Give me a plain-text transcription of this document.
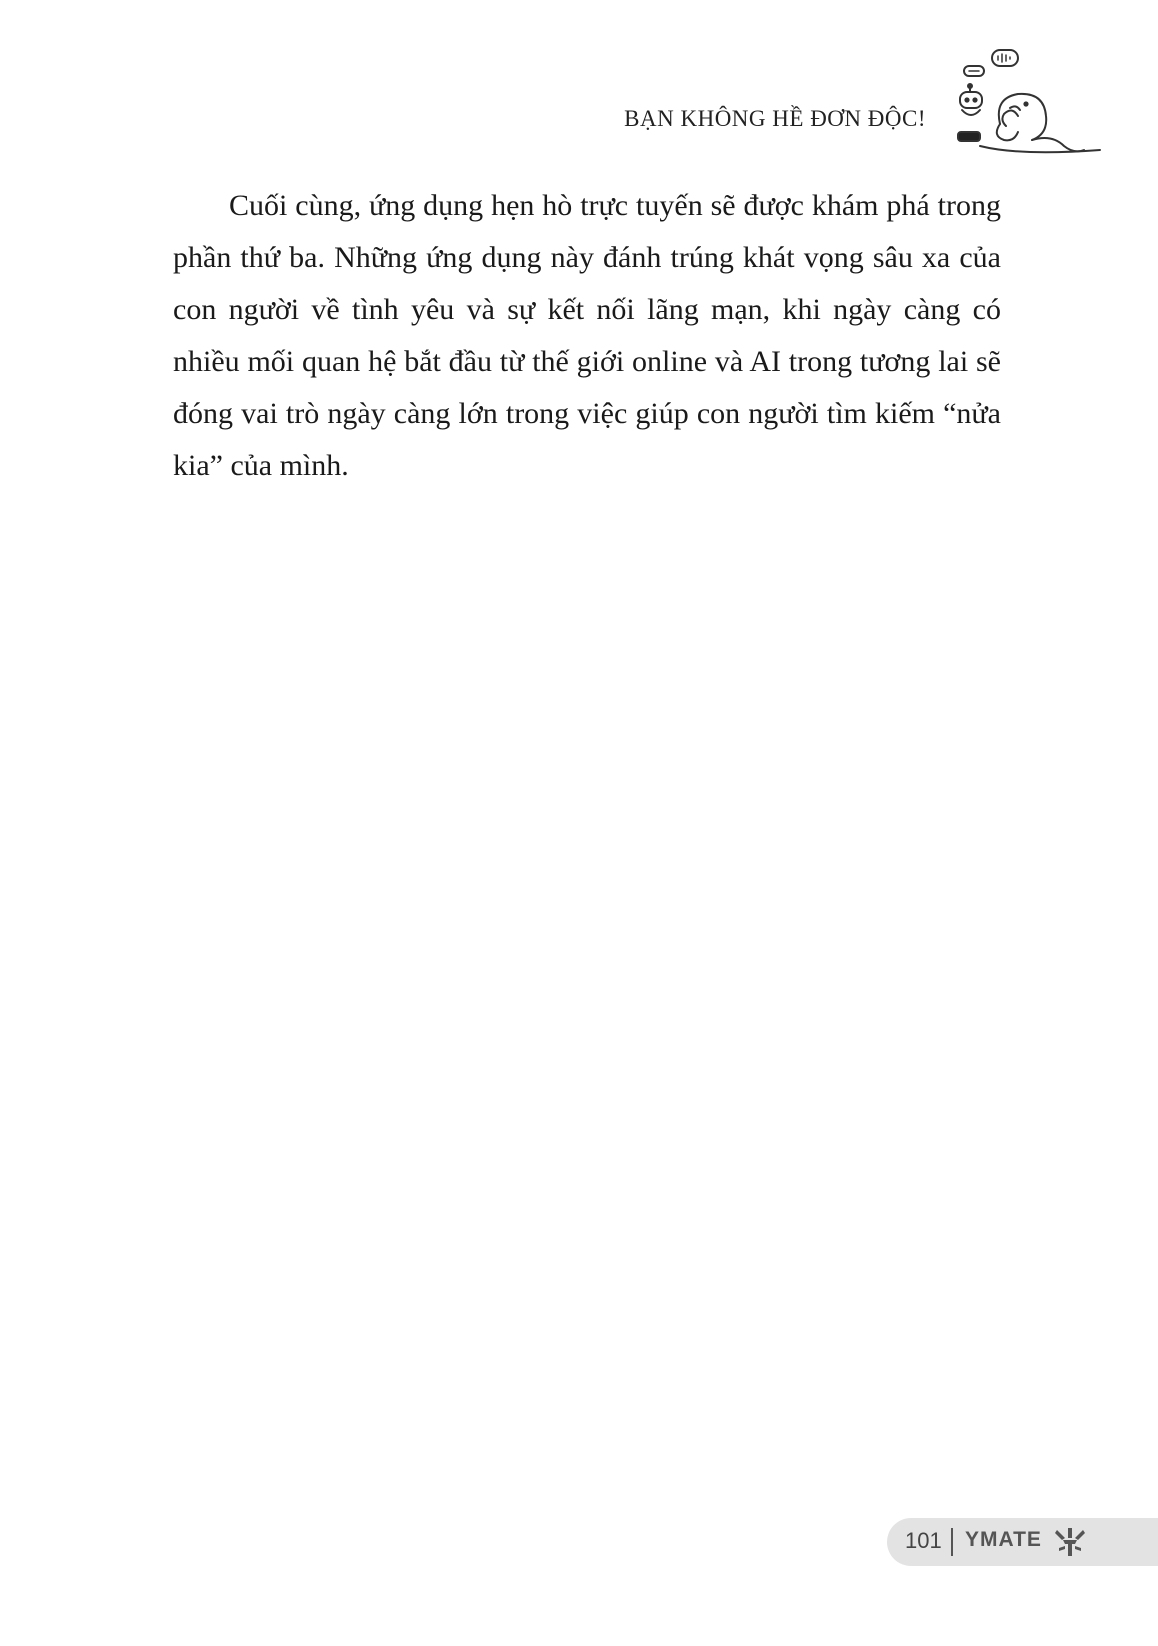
BẠN KHÔNG HỀ ĐƠN ĐỘC!

Cuối cùng, ứng dụng hẹn hò trực tuyến sẽ được khám phá trong phần thứ ba. Những ứng dụng này đánh trúng khát vọng sâu xa của con người về tình yêu và sự kết nối lãng mạn, khi ngày càng có nhiều mối quan hệ bắt đầu từ thế giới online và AI trong tương lai sẽ đóng vai trò ngày càng lớn trong việc giúp con người tìm kiếm “nửa kia” của mình.

101 YMATE
